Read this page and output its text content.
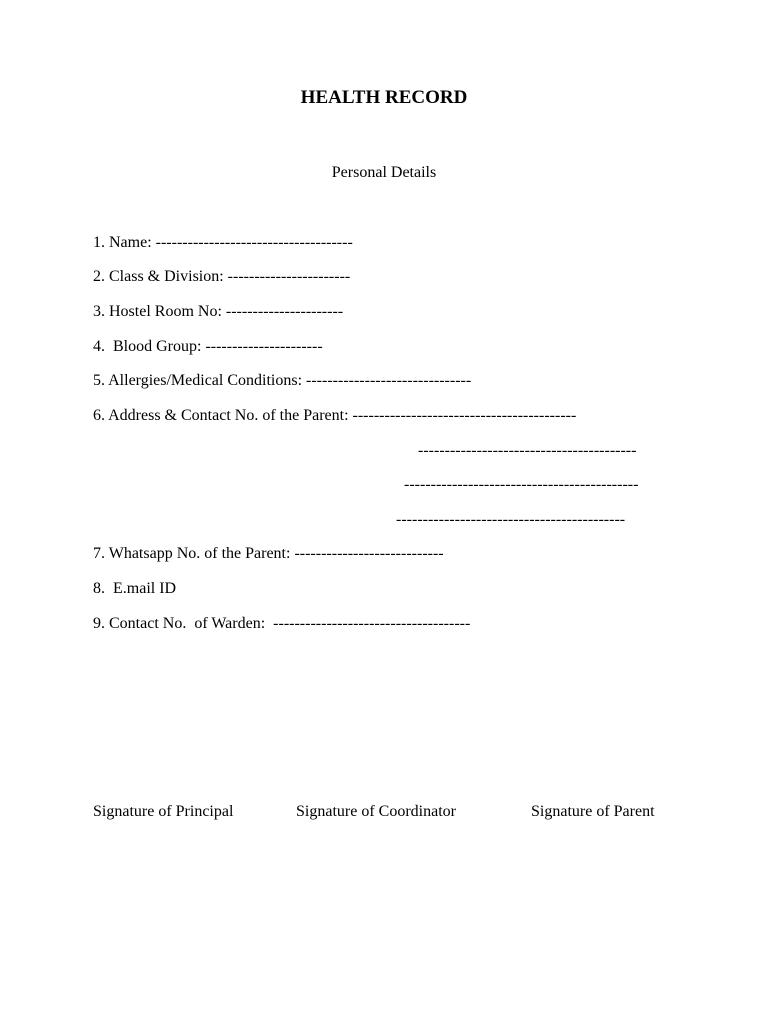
HEALTH RECORD
Personal Details
1. Name: -------------------------------------
2. Class & Division: -----------------------
3. Hostel Room No: ----------------------
4.  Blood Group: ----------------------
5. Allergies/Medical Conditions: -------------------------------
6. Address & Contact No. of the Parent: ------------------------------------------
-----------------------------------------
--------------------------------------------
-------------------------------------------
7. Whatsapp No. of the Parent: ----------------------------
8.  E.mail ID
9. Contact No.  of Warden:  -------------------------------------
Signature of Principal	Signature of Coordinator	Signature of Parent
